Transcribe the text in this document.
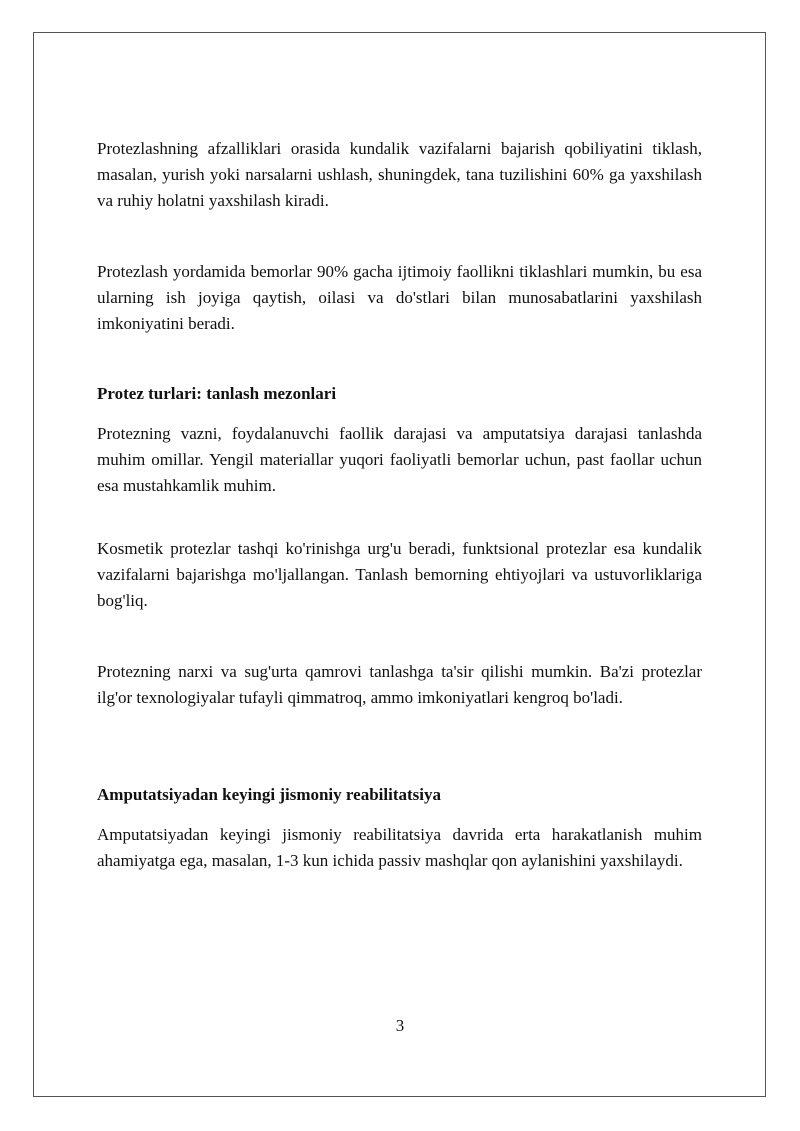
Protezlashning afzalliklari orasida kundalik vazifalarni bajarish qobiliyatini tiklash, masalan, yurish yoki narsalarni ushlash, shuningdek, tana tuzilishini 60% ga yaxshilash va ruhiy holatni yaxshilash kiradi.

Protezlash yordamida bemorlar 90% gacha ijtimoiy faollikni tiklashlari mumkin, bu esa ularning ish joyiga qaytish, oilasi va do'stlari bilan munosabatlarini yaxshilash imkoniyatini beradi.

Protez turlari: tanlash mezonlari

Protezning vazni, foydalanuvchi faollik darajasi va amputatsiya darajasi tanlashda muhim omillar. Yengil materiallar yuqori faoliyatli bemorlar uchun, past faollar uchun esa mustahkamlik muhim.

Kosmetik protezlar tashqi ko'rinishga urg'u beradi, funktsional protezlar esa kundalik vazifalarni bajarishga mo'ljallangan. Tanlash bemorning ehtiyojlari va ustuvorliklariga bog'liq.

Protezning narxi va sug'urta qamrovi tanlashga ta'sir qilishi mumkin. Ba'zi protezlar ilg'or texnologiyalar tufayli qimmatroq, ammo imkoniyatlari kengroq bo'ladi.

Amputatsiyadan keyingi jismoniy reabilitatsiya

Amputatsiyadan keyingi jismoniy reabilitatsiya davrida erta harakatlanish muhim ahamiyatga ega, masalan, 1-3 kun ichida passiv mashqlar qon aylanishini yaxshilaydi.

3
